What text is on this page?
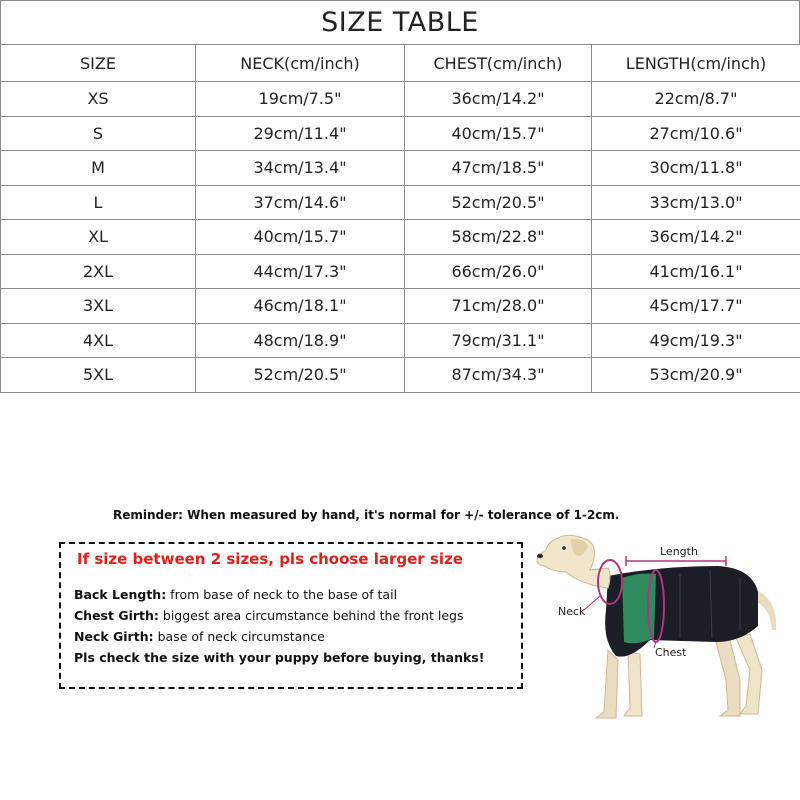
SIZE TABLE
SIZE	NECK(cm/inch)	CHEST(cm/inch)	LENGTH(cm/inch)
XS	19cm/7.5"	36cm/14.2"	22cm/8.7"
S	29cm/11.4"	40cm/15.7"	27cm/10.6"
M	34cm/13.4"	47cm/18.5"	30cm/11.8"
L	37cm/14.6"	52cm/20.5"	33cm/13.0"
XL	40cm/15.7"	58cm/22.8"	36cm/14.2"
2XL	44cm/17.3"	66cm/26.0"	41cm/16.1"
3XL	46cm/18.1"	71cm/28.0"	45cm/17.7"
4XL	48cm/18.9"	79cm/31.1"	49cm/19.3"
5XL	52cm/20.5"	87cm/34.3"	53cm/20.9"
Reminder: When measured by hand, it's normal for +/- tolerance of 1-2cm.
If size between 2 sizes, pls choose larger size
Back Length: from base of neck to the base of tail
Chest Girth: biggest area circumstance behind the front legs
Neck Girth: base of neck circumstance
Pls check the size with your puppy before buying, thanks!
Length
Neck
Chest
